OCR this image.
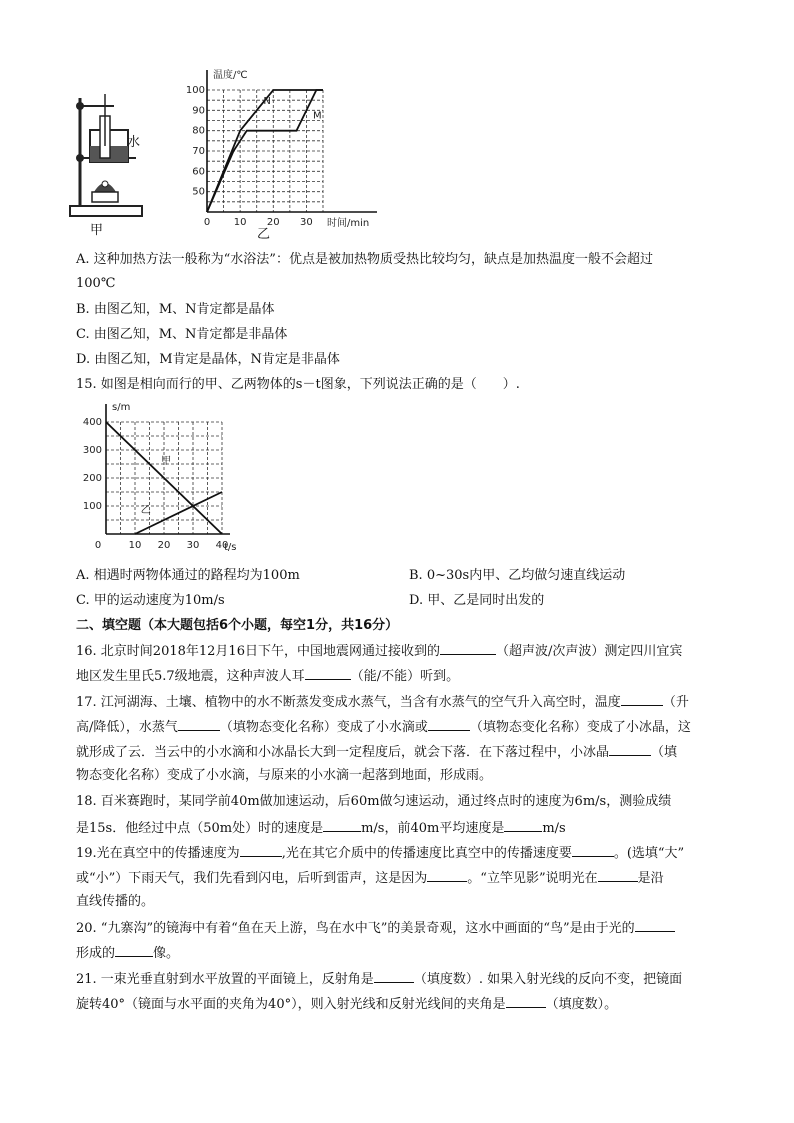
水
甲
温度/℃
时间/min
50
60
70
80
90
100
0 10 20 30
N
M
乙
A. 这种加热方法一般称为“水浴法”：优点是被加热物质受热比较均匀，缺点是加热温度一般不会超过
100℃
B. 由图乙知，M、N肯定都是晶体
C. 由图乙知，M、N肯定都是非晶体
D. 由图乙知，M肯定是晶体，N肯定是非晶体
15. 如图是相向而行的甲、乙两物体的s－t图象，下列说法正确的是（　　）.
s/m
t/s
400
300
200
100
0	10 20 30 40
甲
乙
A. 相遇时两物体通过的路程均为100m	B. 0~30s内甲、乙均做匀速直线运动
C. 甲的运动速度为10m/s	D. 甲、乙是同时出发的
二、填空题（本大题包括6个小题，每空1分，共16分）
16. 北京时间2018年12月16日下午，中国地震网通过接收到的	（超声波/次声波）测定四川宜宾
地区发生里氏5.7级地震，这种声波人耳	（能/不能）听到。
17. 江河湖海、土壤、植物中的水不断蒸发变成水蒸气，当含有水蒸气的空气升入高空时，温度	（升
高/降低），水蒸气	（填物态变化名称）变成了小水滴或	（填物态变化名称）变成了小冰晶，这
就形成了云．当云中的小水滴和小冰晶长大到一定程度后，就会下落．在下落过程中，小冰晶	（填
物态变化名称）变成了小水滴，与原来的小水滴一起落到地面，形成雨。
18. 百米赛跑时，某同学前40m做加速运动，后60m做匀速运动，通过终点时的速度为6m/s，测验成绩
是15s．他经过中点（50m处）时的速度是	m/s，前40m平均速度是	m/s
19.光在真空中的传播速度为	,光在其它介质中的传播速度比真空中的传播速度要	。(选填“大”
或“小”）下雨天气，我们先看到闪电，后听到雷声，这是因为	。“立竿见影”说明光在	是沿
直线传播的。
20. “九寨沟”的镜海中有着“鱼在天上游，鸟在水中飞”的美景奇观，这水中画面的“鸟”是由于光的
形成的	像。
21. 一束光垂直射到水平放置的平面镜上，反射角是	（填度数）. 如果入射光线的反向不变，把镜面
旋转40°（镜面与水平面的夹角为40°），则入射光线和反射光线间的夹角是	（填度数）。
